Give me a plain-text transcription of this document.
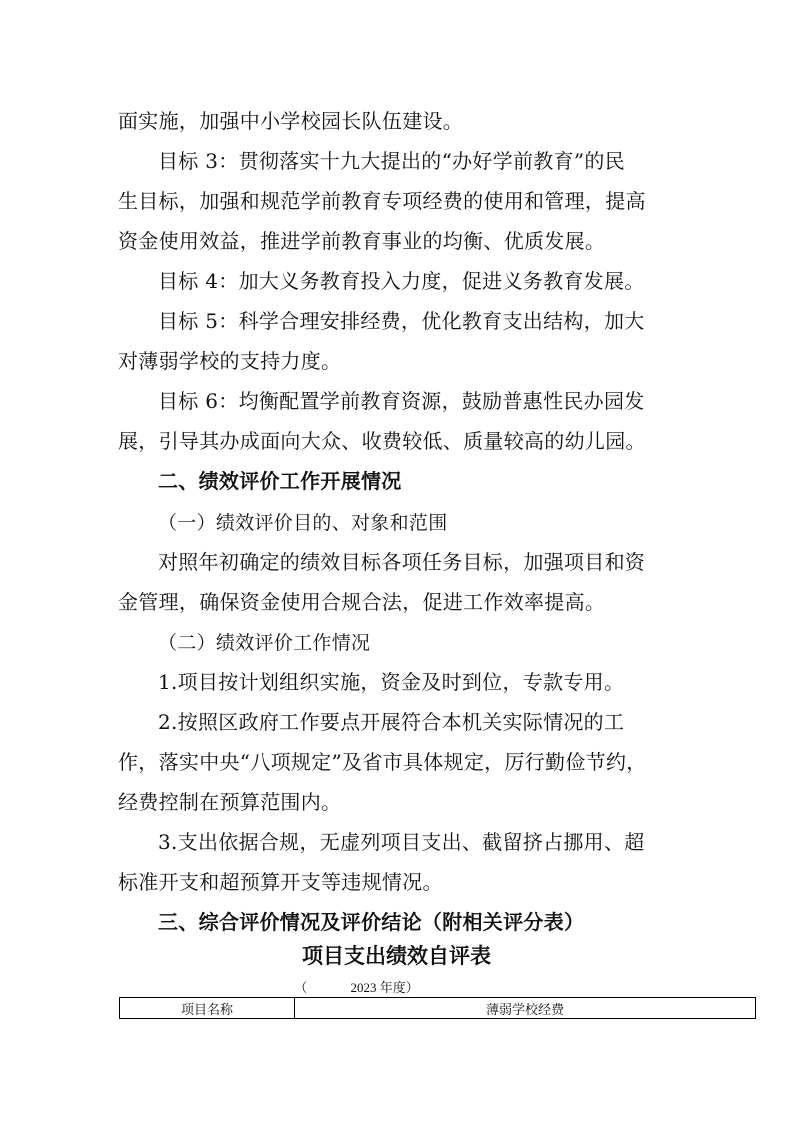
面实施，加强中小学校园长队伍建设。
目标 3：贯彻落实十九大提出的“办好学前教育”的民
生目标，加强和规范学前教育专项经费的使用和管理，提高
资金使用效益，推进学前教育事业的均衡、优质发展。
目标 4：加大义务教育投入力度，促进义务教育发展。
目标 5：科学合理安排经费，优化教育支出结构，加大
对薄弱学校的支持力度。
目标 6：均衡配置学前教育资源，鼓励普惠性民办园发
展，引导其办成面向大众、收费较低、质量较高的幼儿园。
二、绩效评价工作开展情况
（一）绩效评价目的、对象和范围
对照年初确定的绩效目标各项任务目标，加强项目和资
金管理，确保资金使用合规合法，促进工作效率提高。
（二）绩效评价工作情况
1.项目按计划组织实施，资金及时到位，专款专用。
2.按照区政府工作要点开展符合本机关实际情况的工
作，落实中央“八项规定”及省市具体规定，厉行勤俭节约，
经费控制在预算范围内。
3.支出依据合规，无虚列项目支出、截留挤占挪用、超
标准开支和超预算开支等违规情况。
三、综合评价情况及评价结论（附相关评分表）
项目支出绩效自评表
（	2023 年度）
项目名称	薄弱学校经费
